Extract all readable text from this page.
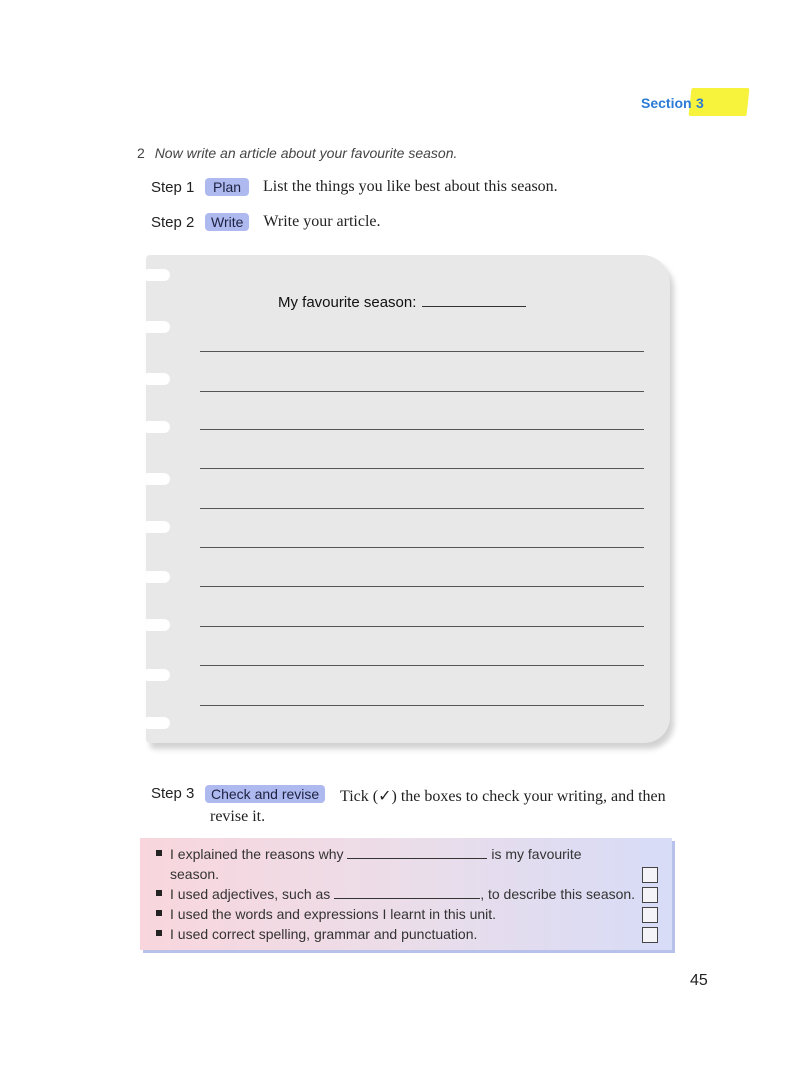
Section 3
2 Now write an article about your favourite season.
Step 1	Plan	List the things you like best about this season.
Step 2	Write	Write your article.
My favourite season:
Step 3	Check and revise	Tick (✓) the boxes to check your writing, and then revise it.
I explained the reasons why	is my favourite
season.
I used adjectives, such as	, to describe this season.
I used the words and expressions I learnt in this unit.
I used correct spelling, grammar and punctuation.
45
